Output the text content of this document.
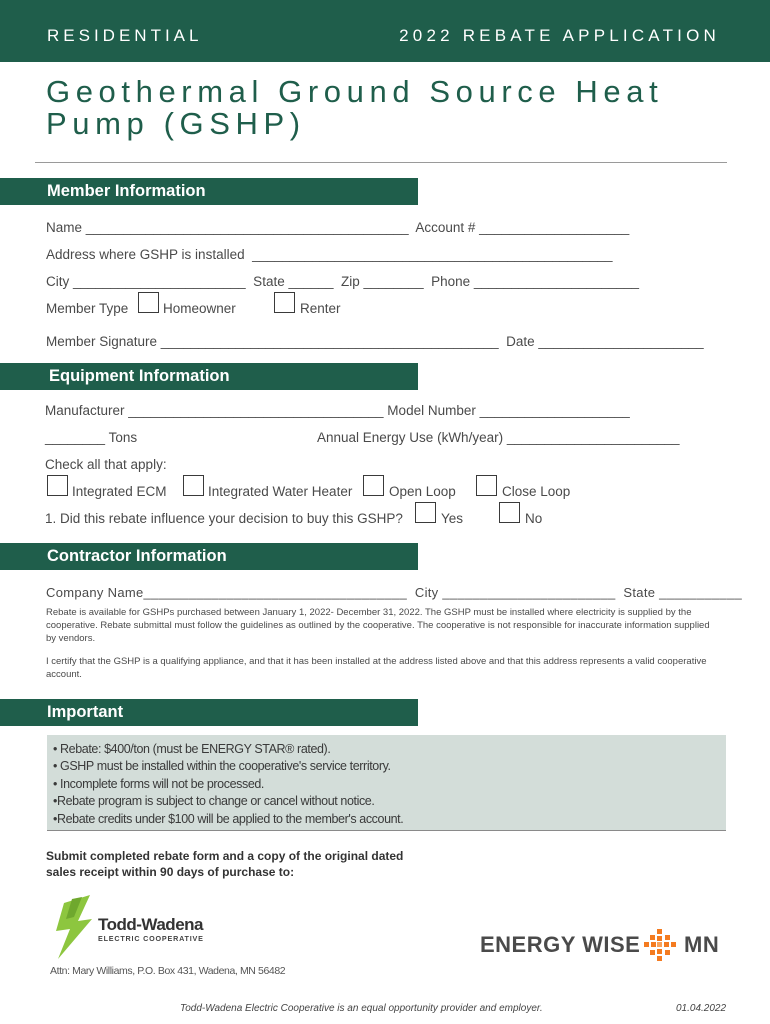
RESIDENTIAL	2022 REBATE APPLICATION
Geothermal Ground Source Heat
Pump (GSHP)
Member Information
Name ___________________________________________  Account # ____________________
Address where GSHP is installed  ________________________________________________
City _______________________  State ______  Zip ________  Phone ______________________
Member Type	Homeowner	Renter
Member Signature _____________________________________________  Date ______________________
Equipment Information
Manufacturer __________________________________ Model Number ____________________
________ Tons	Annual Energy Use (kWh/year) _______________________
Check all that apply:
Integrated ECM	Integrated Water Heater	Open Loop	Close Loop
1. Did this rebate influence your decision to buy this GSHP?	Yes	No
Contractor Information
Company Name___________________________________  City _______________________  State ___________
Rebate is available for GSHPs purchased between January 1, 2022- December 31, 2022. The GSHP must be installed where electricity is supplied by the cooperative. Rebate submittal must follow the guidelines as outlined by the cooperative. The cooperative is not responsible for inaccurate information supplied by vendors.
I certify that the GSHP is a qualifying appliance, and that it has been installed at the address listed above and that this address represents a valid cooperative account.
Important
• Rebate: $400/ton (must be ENERGY STAR® rated).
• GSHP must be installed within the cooperative's service territory.
• Incomplete forms will not be processed.
•Rebate program is subject to change or cancel without notice.
•Rebate credits under $100 will be applied to the member's account.
Submit completed rebate form and a copy of the original dated sales receipt within 90 days of purchase to:
Todd-Wadena
ELECTRIC COOPERATIVE	ENERGY WISE MN
Attn: Mary Williams, P.O. Box 431, Wadena, MN 56482
Todd-Wadena Electric Cooperative is an equal opportunity provider and employer.	01.04.2022
